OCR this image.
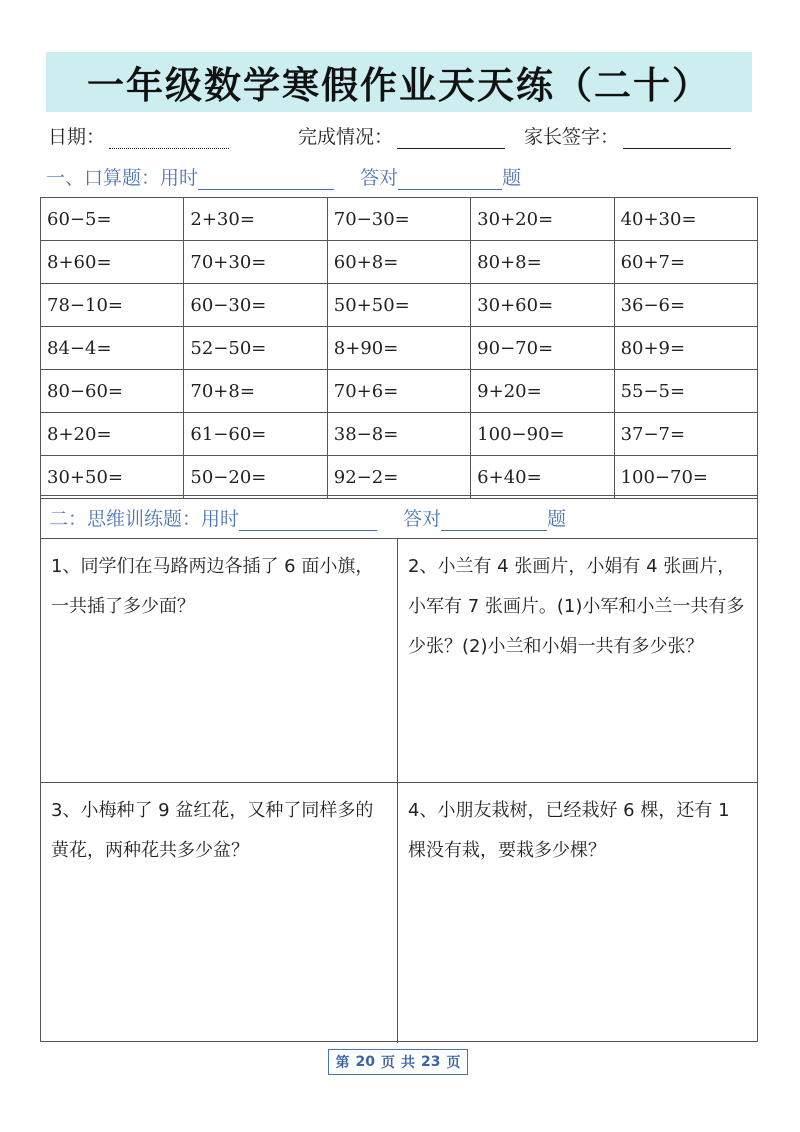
一年级数学寒假作业天天练（二十）
日期：	完成情况：	家长签字：
一、口算题：用时	答对	题
60−5=	2+30=	70−30=	30+20=	40+30=
8+60=	70+30=	60+8=	80+8=	60+7=
78−10=	60−30=	50+50=	30+60=	36−6=
84−4=	52−50=	8+90=	90−70=	80+9=
80−60=	70+8=	70+6=	9+20=	55−5=
8+20=	61−60=	38−8=	100−90=	37−7=
30+50=	50−20=	92−2=	6+40=	100−70=
二：思维训练题：用时	答对	题
1、同学们在马路两边各插了 6 面小旗，一共插了多少面？
2、小兰有 4 张画片，小娟有 4 张画片，小军有 7 张画片。(1)小军和小兰一共有多少张？(2)小兰和小娟一共有多少张？
3、小梅种了 9 盆红花，又种了同样多的黄花，两种花共多少盆？
4、小朋友栽树，已经栽好 6 棵，还有 1 棵没有栽，要栽多少棵？
第 20 页 共 23 页
